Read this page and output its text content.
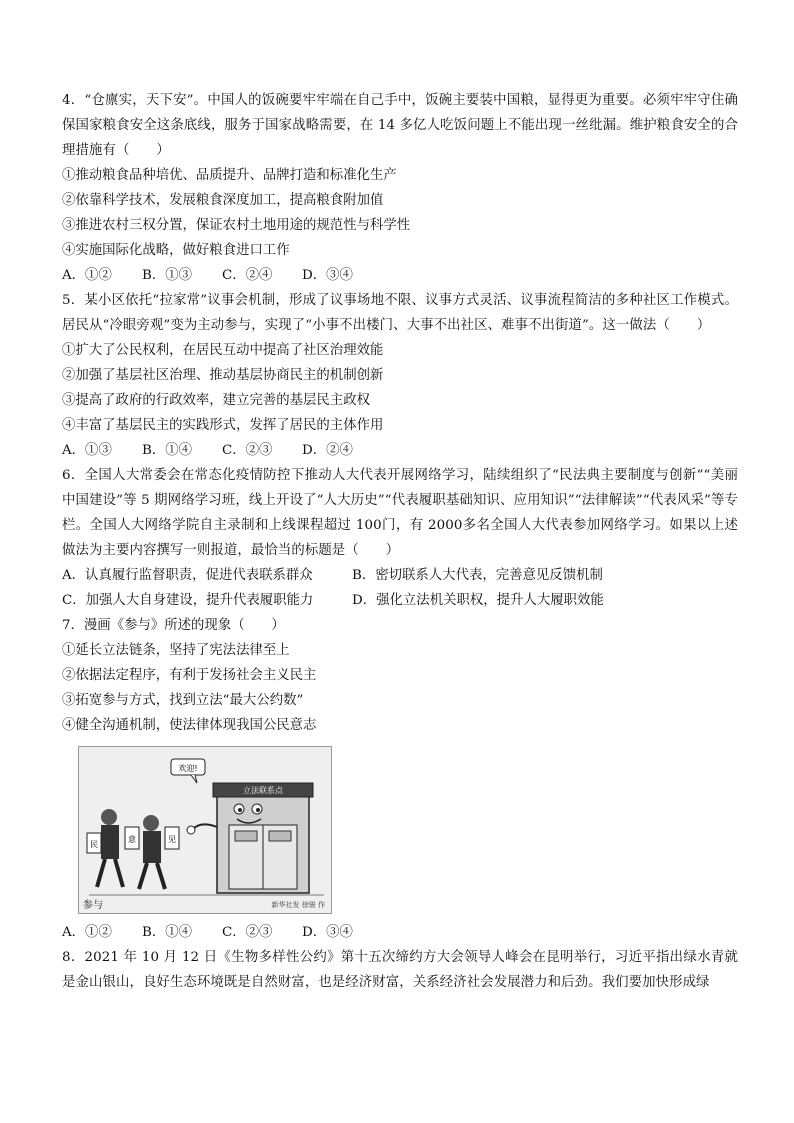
4．“仓廪实，天下安”。中国人的饭碗要牢牢端在自己手中，饭碗主要装中国粮，显得更为重要。必须牢牢守住确保国家粮食安全这条底线，服务于国家战略需要，在 14 多亿人吃饭问题上不能出现一丝纰漏。维护粮食安全的合理措施有（　　）
①推动粮食品种培优、品质提升、品牌打造和标准化生产
②依靠科学技术，发展粮食深度加工，提高粮食附加值
③推进农村三权分置，保证农村土地用途的规范性与科学性
④实施国际化战略，做好粮食进口工作
A．①②	B．①③	C．②④	D．③④
5．某小区依托“拉家常”议事会机制，形成了议事场地不限、议事方式灵活、议事流程简洁的多种社区工作模式。居民从“冷眼旁观”变为主动参与，实现了“小事不出楼门、大事不出社区、难事不出街道”。这一做法（　　）
①扩大了公民权利，在居民互动中提高了社区治理效能
②加强了基层社区治理、推动基层协商民主的机制创新
③提高了政府的行政效率，建立完善的基层民主政权
④丰富了基层民主的实践形式，发挥了居民的主体作用
A．①③	B．①④	C．②③	D．②④
6．全国人大常委会在常态化疫情防控下推动人大代表开展网络学习，陆续组织了“民法典主要制度与创新”“美丽中国建设”等 5 期网络学习班，线上开设了“人大历史”“代表履职基础知识、应用知识”“法律解读”“代表风采”等专栏。全国人大网络学院自主录制和上线课程超过 100门，有 2000多名全国人大代表参加网络学习。如果以上述做法为主要内容撰写一则报道，最恰当的标题是（　　）
A．认真履行监督职责，促进代表联系群众	B．密切联系人大代表，完善意见反馈机制
C．加强人大自身建设，提升代表履职能力	D．强化立法机关职权，提升人大履职效能
7．漫画《参与》所述的现象（　　）
①延长立法链条，坚持了宪法法律至上
②依据法定程序，有利于发扬社会主义民主
③拓宽参与方式，找到立法“最大公约数”
④健全沟通机制，使法律体现我国公民意志
欢迎!
立法联系点
民
意	见
参与	新华社发 徐骏 作
A．①②	B．①④	C．②③	D．③④
8．2021 年 10 月 12 日《生物多样性公约》第十五次缔约方大会领导人峰会在昆明举行，习近平指出绿水青就是金山银山，良好生态环境既是自然财富，也是经济财富，关系经济社会发展潜力和后劲。我们要加快形成绿
